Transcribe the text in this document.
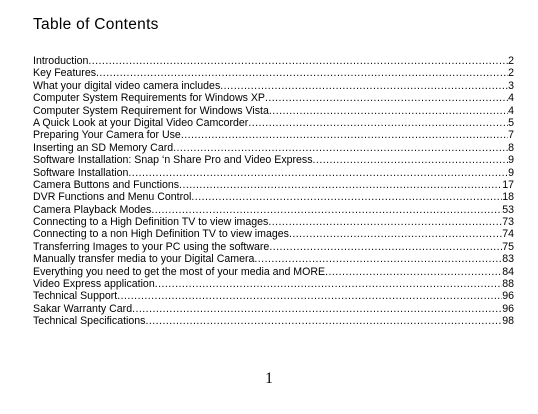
Table of Contents
Introduction .....	2
Key Features .....	2
What your digital video camera includes .....	3
Computer System Requirements for Windows XP .....	4
Computer System Requirement for Windows Vista .....	4
A Quick Look at your Digital Video Camcorder .....	5
Preparing Your Camera for Use .....	7
Inserting an SD Memory Card .....	8
Software Installation: Snap ‘n Share Pro and Video Express .....	9
Software Installation .....	9
Camera Buttons and Functions .....	17
DVR Functions and Menu Control .....	18
Camera Playback Modes .....	53
Connecting to a High Definition TV to view images .....	73
Connecting to a non High Definition TV to view images .....	74
Transferring Images to your PC using the software .....	75
Manually transfer media to your Digital Camera .....	83
Everything you need to get the most of your media and MORE .....	84
Video Express application .....	88
Technical Support .....	96
Sakar Warranty Card .....	96
Technical Specifications .....	98
1
